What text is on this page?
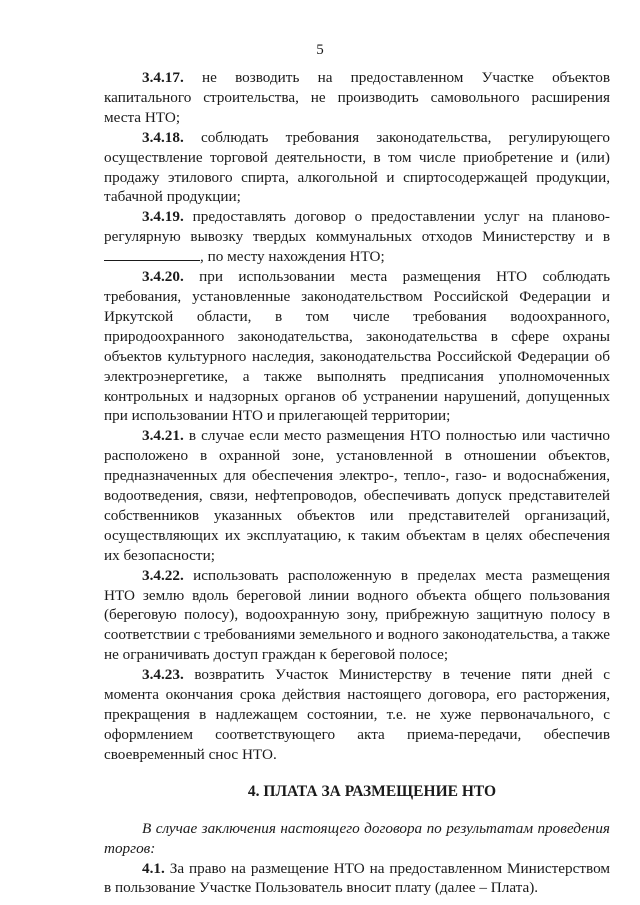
5

3.4.17. не возводить на предоставленном Участке объектов капитального строительства, не производить самовольного расширения места НТО;

3.4.18. соблюдать требования законодательства, регулирующего осуществление торговой деятельности, в том числе приобретение и (или) продажу этилового спирта, алкогольной и спиртосодержащей продукции, табачной продукции;

3.4.19. предоставлять договор о предоставлении услуг на планово-регулярную вывозку твердых коммунальных отходов Министерству и в , по месту нахождения НТО;

3.4.20. при использовании места размещения НТО соблюдать требования, установленные законодательством Российской Федерации и Иркутской области, в том числе требования водоохранного, природоохранного законодательства, законодательства в сфере охраны объектов культурного наследия, законодательства Российской Федерации об электроэнергетике, а также выполнять предписания уполномоченных контрольных и надзорных органов об устранении нарушений, допущенных при использовании НТО и прилегающей территории;

3.4.21. в случае если место размещения НТО полностью или частично расположено в охранной зоне, установленной в отношении объектов, предназначенных для обеспечения электро-, тепло-, газо- и водоснабжения, водоотведения, связи, нефтепроводов, обеспечивать допуск представителей собственников указанных объектов или представителей организаций, осуществляющих их эксплуатацию, к таким объектам в целях обеспечения их безопасности;

3.4.22. использовать расположенную в пределах места размещения НТО землю вдоль береговой линии водного объекта общего пользования (береговую полосу), водоохранную зону, прибрежную защитную полосу в соответствии с требованиями земельного и водного законодательства, а также не ограничивать доступ граждан к береговой полосе;

3.4.23. возвратить Участок Министерству в течение пяти дней с момента окончания срока действия настоящего договора, его расторжения, прекращения в надлежащем состоянии, т.е. не хуже первоначального, с оформлением соответствующего акта приема-передачи, обеспечив своевременный снос НТО.

4. ПЛАТА ЗА РАЗМЕЩЕНИЕ НТО

В случае заключения настоящего договора по результатам проведения торгов:

4.1. За право на размещение НТО на предоставленном Министерством в пользование Участке Пользователь вносит плату (далее – Плата).
